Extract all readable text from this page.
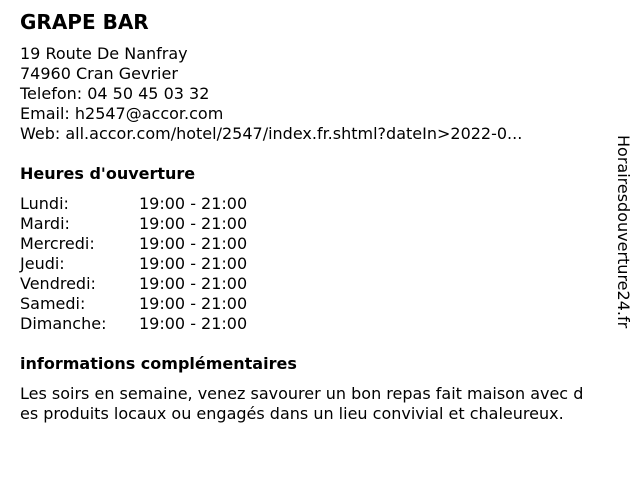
GRAPE BAR
19 Route De Nanfray
74960 Cran Gevrier
Telefon: 04 50 45 03 32
Email: h2547@accor.com
Web: all.accor.com/hotel/2547/index.fr.shtml?dateIn>2022-0...
Heures d'ouverture
Lundi:	19:00 - 21:00
Mardi:	19:00 - 21:00
Mercredi:	19:00 - 21:00
Jeudi:	19:00 - 21:00
Vendredi:	19:00 - 21:00
Samedi:	19:00 - 21:00
Dimanche: 19:00 - 21:00
informations complémentaires
Les soirs en semaine, venez savourer un bon repas fait maison avec d
es produits locaux ou engagés dans un lieu convivial et chaleureux.
Horairesdouverture24.fr
